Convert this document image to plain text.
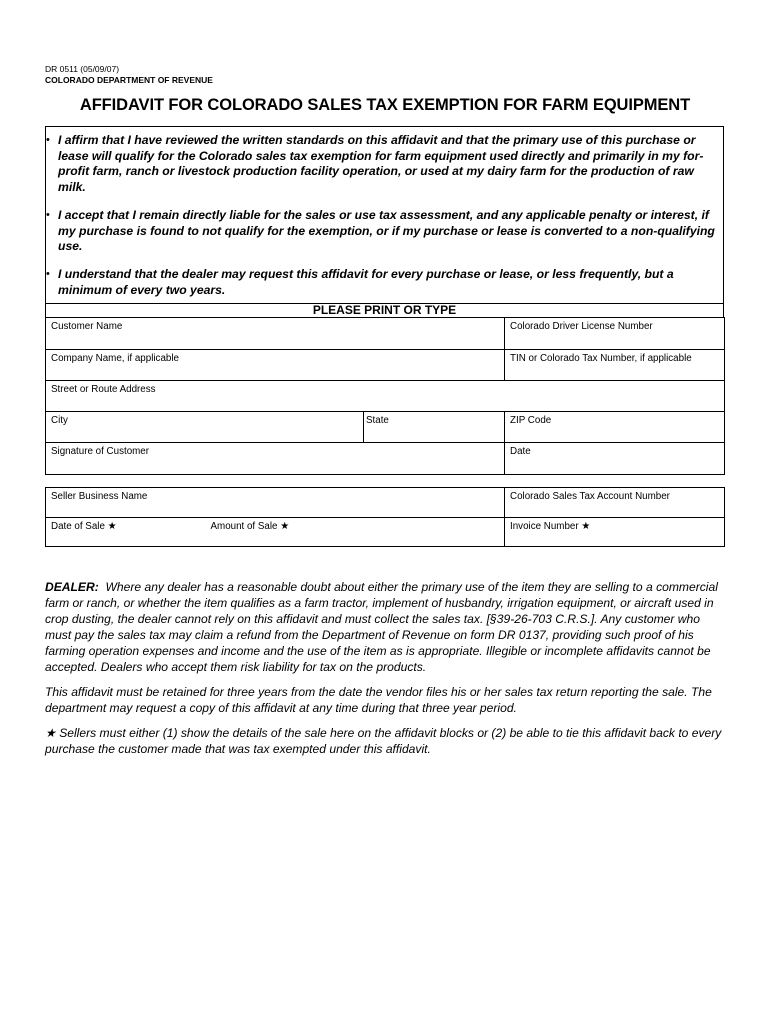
DR 0511 (05/09/07)
COLORADO DEPARTMENT OF REVENUE
AFFIDAVIT FOR COLORADO SALES TAX EXEMPTION FOR FARM EQUIPMENT
• I affirm that I have reviewed the written standards on this affidavit and that the primary use of this purchase or lease will qualify for the Colorado sales tax exemption for farm equipment used directly and primarily in my for-profit farm, ranch or livestock production facility operation, or used at my dairy farm for the production of raw milk.
• I accept that I remain directly liable for the sales or use tax assessment, and any applicable penalty or interest, if my purchase is found to not qualify for the exemption, or if my purchase or lease is converted to a non-qualifying use.
• I understand that the dealer may request this affidavit for every purchase or lease, or less frequently, but a minimum of every two years.
PLEASE PRINT OR TYPE
Customer Name		Colorado Driver License Number
Company Name, if applicable		TIN or Colorado Tax Number, if applicable
Street or Route Address		
City	State	ZIP Code
Signature of Customer		Date
Seller Business Name		Colorado Sales Tax Account Number
Date of Sale ★	Amount of Sale ★	Invoice Number ★

DEALER: Where any dealer has a reasonable doubt about either the primary use of the item they are selling to a commercial farm or ranch, or whether the item qualifies as a farm tractor, implement of husbandry, irrigation equipment, or aircraft used in crop dusting, the dealer cannot rely on this affidavit and must collect the sales tax. [§39-26-703 C.R.S.]. Any customer who must pay the sales tax may claim a refund from the Department of Revenue on form DR 0137, providing such proof of his farming operation expenses and income and the use of the item as is appropriate. Illegible or incomplete affidavits cannot be accepted. Dealers who accept them risk liability for tax on the products.

This affidavit must be retained for three years from the date the vendor files his or her sales tax return reporting the sale. The department may request a copy of this affidavit at any time during that three year period.

★ Sellers must either (1) show the details of the sale here on the affidavit blocks or (2) be able to tie this affidavit back to every purchase the customer made that was tax exempted under this affidavit.
